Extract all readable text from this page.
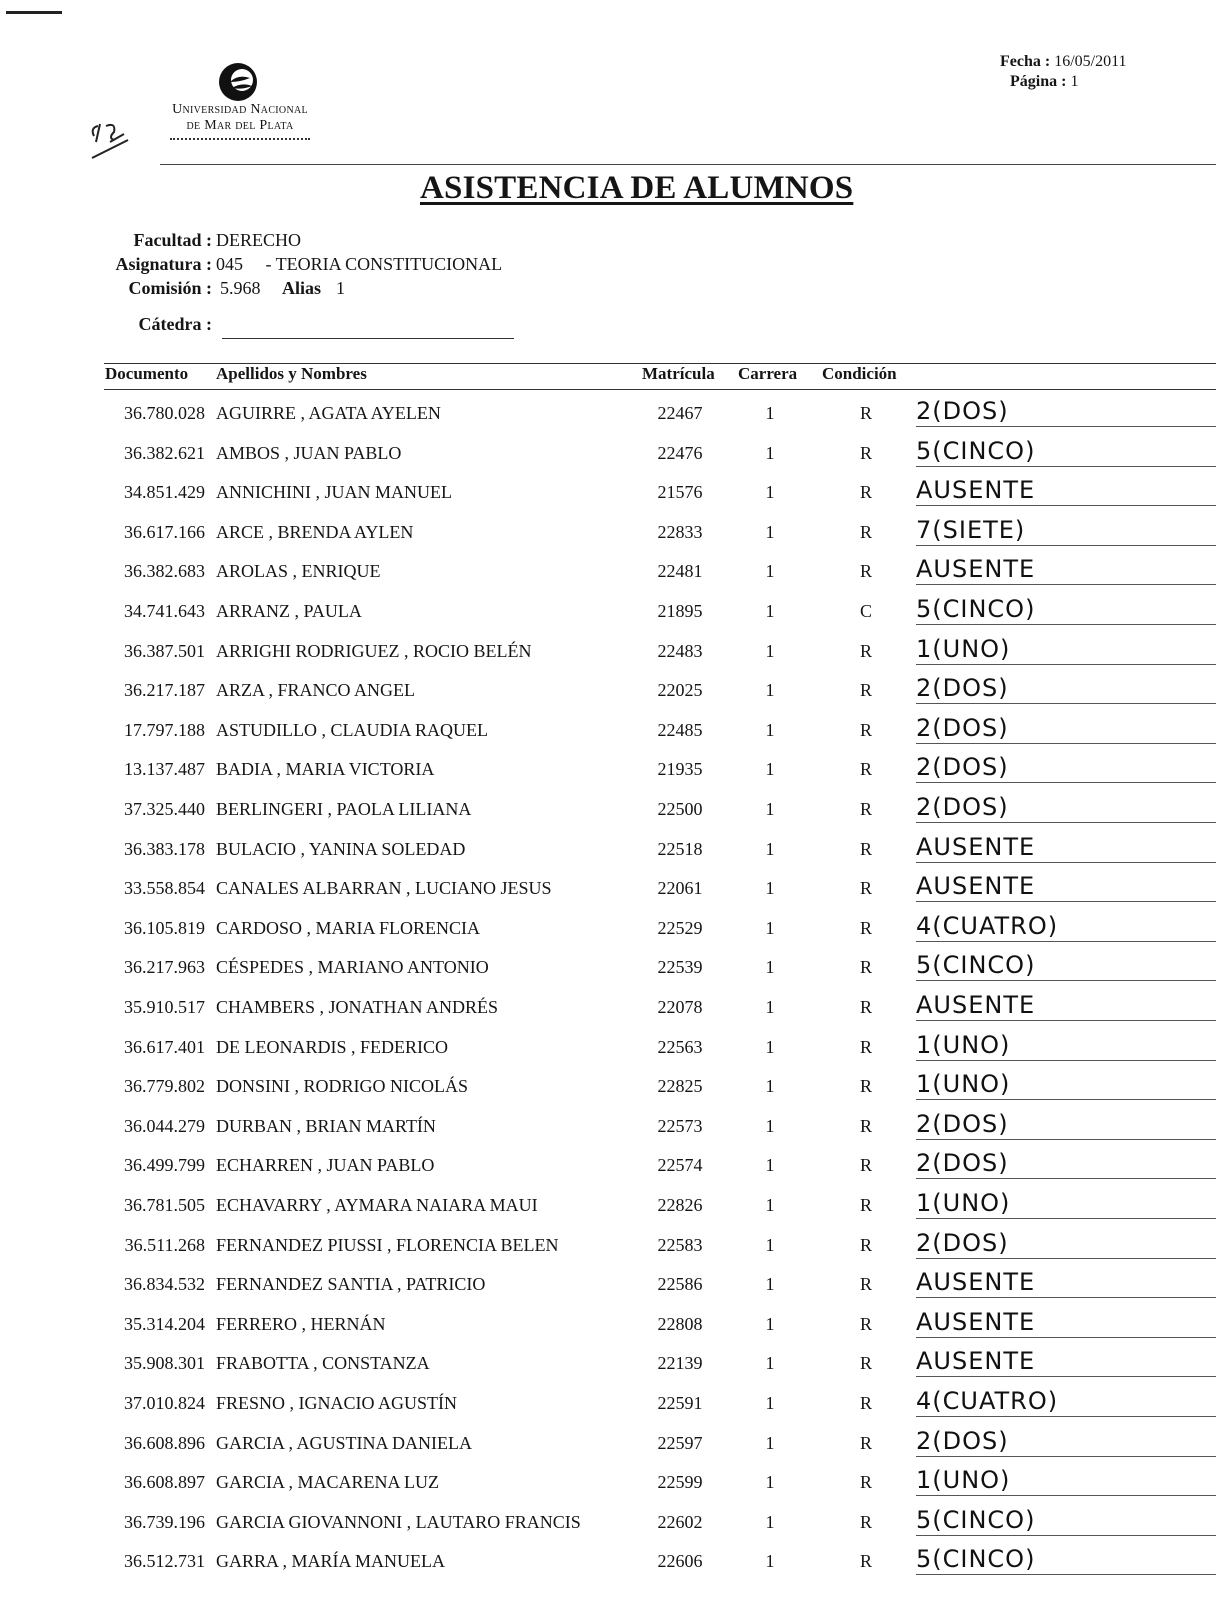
Universidad Nacional
de Mar del Plata
Fecha : 16/05/2011
Página : 1
ASISTENCIA DE ALUMNOS
Facultad : DERECHO
Asignatura : 045     - TEORIA CONSTITUCIONAL
Comisión : 5.968 Alias 1
Cátedra :
Documento Apellidos y Nombres	Matrícula Carrera Condición
36.780.028 AGUIRRE , AGATA AYELEN	22467	1	R 2(DOS)
36.382.621 AMBOS , JUAN PABLO	22476	1	R 5(CINCO)
34.851.429 ANNICHINI , JUAN MANUEL	21576	1	R AUSENTE
36.617.166 ARCE , BRENDA AYLEN	22833	1	R 7(SIETE)
36.382.683 AROLAS , ENRIQUE	22481	1	R AUSENTE
34.741.643 ARRANZ , PAULA	21895	1	C 5(CINCO)
36.387.501 ARRIGHI RODRIGUEZ , ROCIO BELÉN	22483	1	R 1(UNO)
36.217.187 ARZA , FRANCO ANGEL	22025	1	R 2(DOS)
17.797.188 ASTUDILLO , CLAUDIA RAQUEL	22485	1	R 2(DOS)
13.137.487 BADIA , MARIA VICTORIA	21935	1	R 2(DOS)
37.325.440 BERLINGERI , PAOLA LILIANA	22500	1	R 2(DOS)
36.383.178 BULACIO , YANINA SOLEDAD	22518	1	R AUSENTE
33.558.854 CANALES ALBARRAN , LUCIANO JESUS	22061	1	R AUSENTE
36.105.819 CARDOSO , MARIA FLORENCIA	22529	1	R 4(CUATRO)
36.217.963 CÉSPEDES , MARIANO ANTONIO	22539	1	R 5(CINCO)
35.910.517 CHAMBERS , JONATHAN ANDRÉS	22078	1	R AUSENTE
36.617.401 DE LEONARDIS , FEDERICO	22563	1	R 1(UNO)
36.779.802 DONSINI , RODRIGO NICOLÁS	22825	1	R 1(UNO)
36.044.279 DURBAN , BRIAN MARTÍN	22573	1	R 2(DOS)
36.499.799 ECHARREN , JUAN PABLO	22574	1	R 2(DOS)
36.781.505 ECHAVARRY , AYMARA NAIARA MAUI	22826	1	R 1(UNO)
36.511.268 FERNANDEZ PIUSSI , FLORENCIA BELEN	22583	1	R 2(DOS)
36.834.532 FERNANDEZ SANTIA , PATRICIO	22586	1	R AUSENTE
35.314.204 FERRERO , HERNÁN	22808	1	R AUSENTE
35.908.301 FRABOTTA , CONSTANZA	22139	1	R AUSENTE
37.010.824 FRESNO , IGNACIO AGUSTÍN	22591	1	R 4(CUATRO)
36.608.896 GARCIA , AGUSTINA DANIELA	22597	1	R 2(DOS)
36.608.897 GARCIA , MACARENA LUZ	22599	1	R 1(UNO)
36.739.196 GARCIA GIOVANNONI , LAUTARO FRANCIS	22602	1	R 5(CINCO)
36.512.731 GARRA , MARÍA MANUELA	22606	1	R 5(CINCO)
